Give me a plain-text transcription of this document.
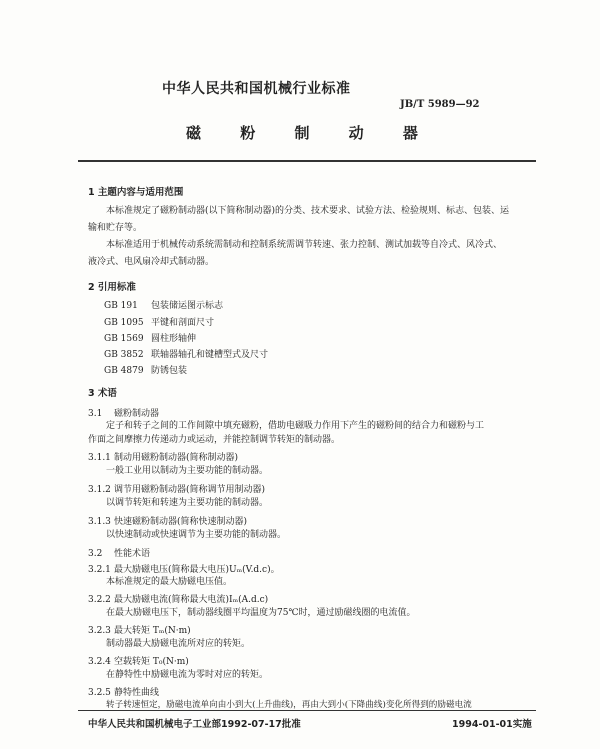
中华人民共和国机械行业标准
JB/T 5989—92
磁 粉 制 动 器
1 主题内容与适用范围
本标准规定了磁粉制动器(以下简称制动器)的分类、技术要求、试验方法、检验规则、标志、包装、运
输和贮存等。
本标准适用于机械传动系统需制动和控制系统需调节转速、张力控制、测试加载等自冷式、风冷式、
液冷式、电风扇冷却式制动器。
2 引用标准
GB 191 包装储运图示标志
GB 1095 平键和剖面尺寸
GB 1569 圆柱形轴伸
GB 3852 联轴器轴孔和键槽型式及尺寸
GB 4879 防锈包装
3 术语
3.1 磁粉制动器
定子和转子之间的工作间隙中填充磁粉，借助电磁吸力作用下产生的磁粉间的结合力和磁粉与工
作面之间摩擦力传递动力或运动，并能控制调节转矩的制动器。
3.1.1 制动用磁粉制动器(简称制动器)
一般工业用以制动为主要功能的制动器。
3.1.2 调节用磁粉制动器(简称调节用制动器)
以调节转矩和转速为主要功能的制动器。
3.1.3 快速磁粉制动器(简称快速制动器)
以快速制动或快速调节为主要功能的制动器。
3.2 性能术语
3.2.1 最大励磁电压(简称最大电压)Uₘ(V.d.c)。
本标准规定的最大励磁电压值。
3.2.2 最大励磁电流(简称最大电流)Iₘ(A.d.c)
在最大励磁电压下，制动器线圈平均温度为75℃时，通过励磁线圈的电流值。
3.2.3 最大转矩 Tₘ(N·m)
制动器最大励磁电流所对应的转矩。
3.2.4 空载转矩 T₀(N·m)
在静特性中励磁电流为零时对应的转矩。
3.2.5 静特性曲线
转子转速恒定，励磁电流单向由小到大(上升曲线)，再由大到小(下降曲线)变化所得到的励磁电流
中华人民共和国机械电子工业部1992-07-17批准	1994-01-01实施
